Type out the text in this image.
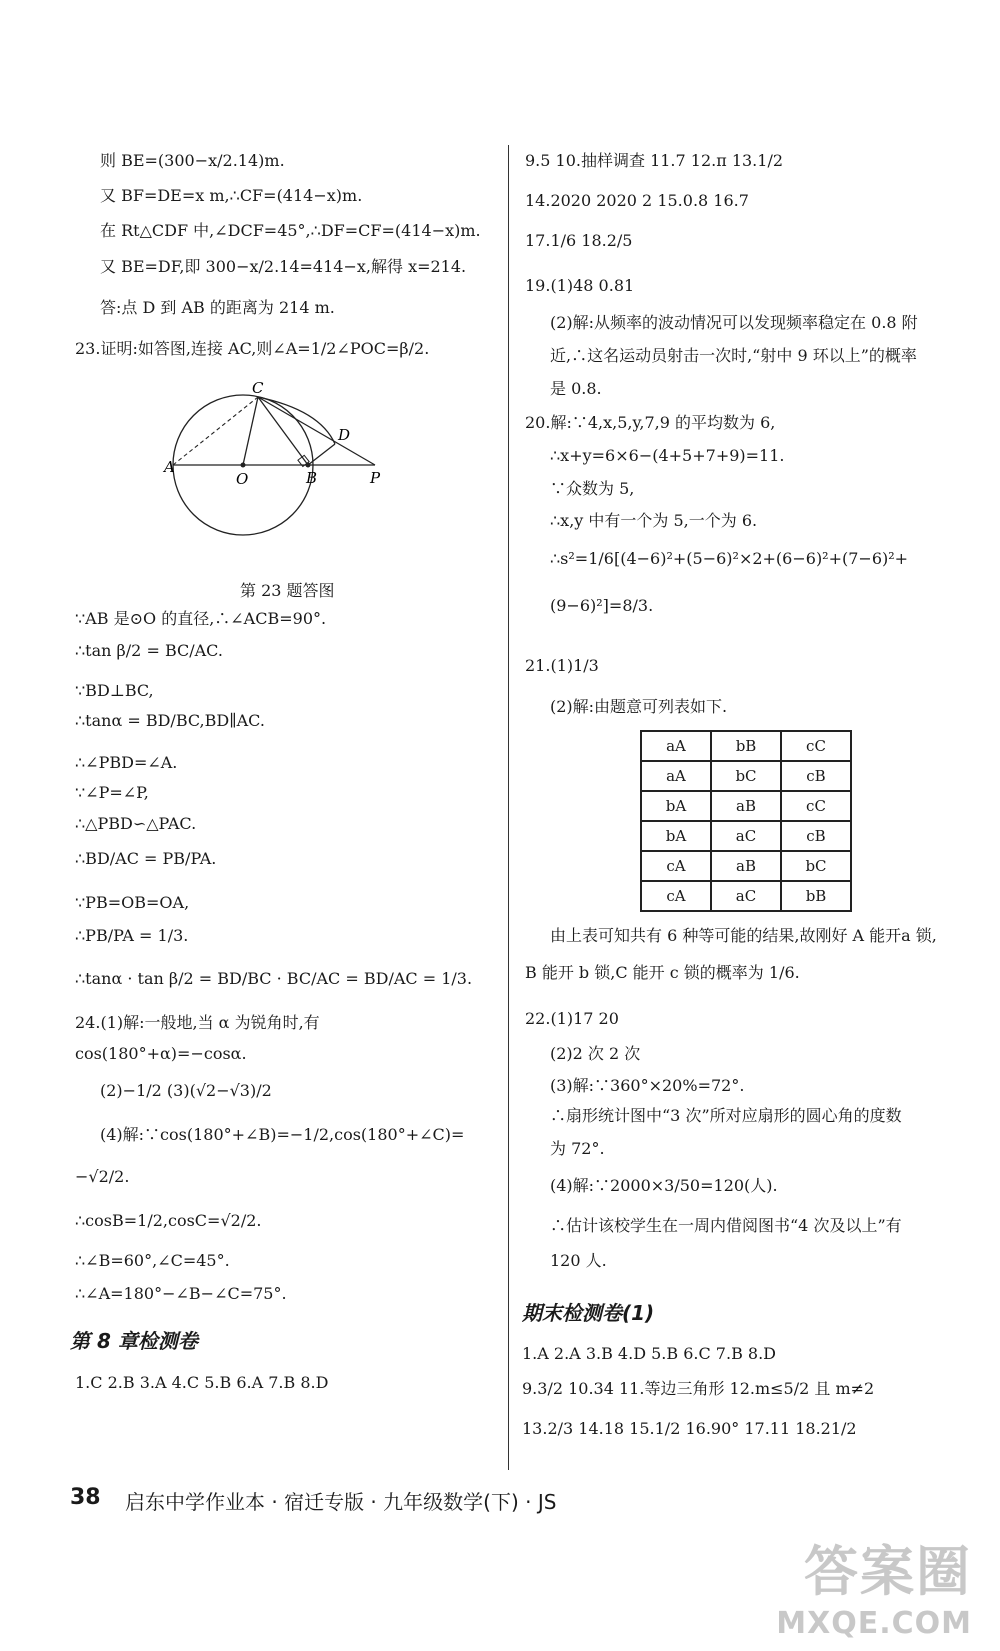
则 BE=(300−x/2.14)m.
又 BF=DE=x m,∴CF=(414−x)m.
在 Rt△CDF 中,∠DCF=45°,∴DF=CF=(414−x)m.
又 BE=DF,即 300−x/2.14=414−x,解得 x=214.
答:点 D 到 AB 的距离为 214 m.
23.证明:如答图,连接 AC,则∠A=1/2∠POC=β/2.
C
D
A
O	B	P
第 23 题答图
∵AB 是⊙O 的直径,∴∠ACB=90°.
∴tan β/2 = BC/AC.
∵BD⊥BC,
∴tanα = BD/BC,BD∥AC.
∴∠PBD=∠A.
∵∠P=∠P,
∴△PBD∽△PAC.
∴BD/AC = PB/PA.
∵PB=OB=OA,
∴PB/PA = 1/3.
∴tanα · tan β/2 = BD/BC · BC/AC = BD/AC = 1/3.
24.(1)解:一般地,当 α 为锐角时,有
cos(180°+α)=−cosα.
(2)−1/2 (3)(√2−√3)/2
(4)解:∵cos(180°+∠B)=−1/2,cos(180°+∠C)=
−√2/2.
∴cosB=1/2,cosC=√2/2.
∴∠B=60°,∠C=45°.
∴∠A=180°−∠B−∠C=75°.
第 8 章检测卷
1.C 2.B 3.A 4.C 5.B 6.A 7.B 8.D
9.5 10.抽样调查 11.7 12.π 13.1/2
14.2020 2020 2 15.0.8 16.7
17.1/6 18.2/5
19.(1)48 0.81
(2)解:从频率的波动情况可以发现频率稳定在 0.8 附
近,∴这名运动员射击一次时,“射中 9 环以上”的概率
是 0.8.
20.解:∵4,x,5,y,7,9 的平均数为 6,
∴x+y=6×6−(4+5+7+9)=11.
∵众数为 5,
∴x,y 中有一个为 5,一个为 6.
∴s²=1/6[(4−6)²+(5−6)²×2+(6−6)²+(7−6)²+
(9−6)²]=8/3.
21.(1)1/3
(2)解:由题意可列表如下.
aA	bB	cC
aA	bC	cB
bA	aB	cC
bA	aC	cB
cA	aB	bC
cA	aC	bB
由上表可知共有 6 种等可能的结果,故刚好 A 能开a 锁,
B 能开 b 锁,C 能开 c 锁的概率为 1/6.
22.(1)17 20
(2)2 次 2 次
(3)解:∵360°×20%=72°.
∴扇形统计图中“3 次”所对应扇形的圆心角的度数
为 72°.
(4)解:∵2000×3/50=120(人).
∴估计该校学生在一周内借阅图书“4 次及以上”有
120 人.
期末检测卷(1)
1.A 2.A 3.B 4.D 5.B 6.C 7.B 8.D
9.3/2 10.34 11.等边三角形 12.m≤5/2 且 m≠2
13.2/3 14.18 15.1/2 16.90° 17.11 18.21/2
38 启东中学作业本 · 宿迁专版 · 九年级数学(下) · JS
答案圈
MXQE.COM
